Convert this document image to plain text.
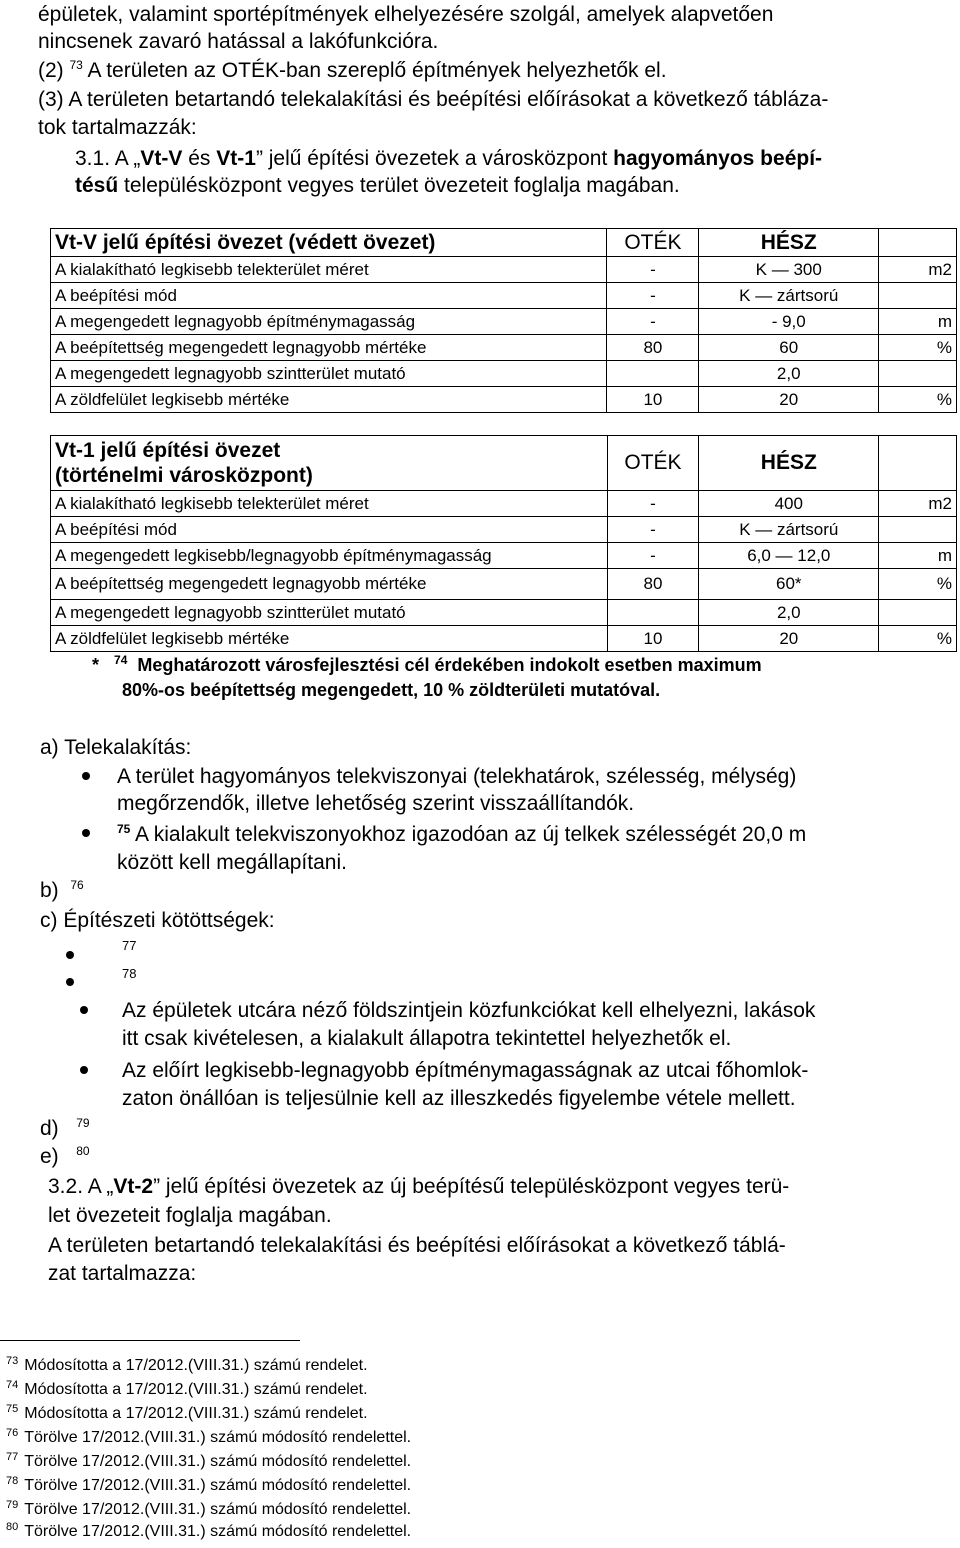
épületek, valamint sportépítmények elhelyezésére szolgál, amelyek alapvetően
nincsenek zavaró hatással a lakófunkcióra.
(2) $^{73}$ A területen az OTÉK-ban szereplő építmények helyezhetők el.
(3) A területen betartandó telekalakítási és beépítési előírásokat a következő tábláza-
tok tartalmazzák:
3.1. A „Vt-V és Vt-1” jelű építési övezetek a városközpont hagyományos beépí-
tésű településközpont vegyes terület övezeteit foglalja magában.
Vt-V jelű építési övezet (védett övezet)	OTÉK	HÉSZ	
A kialakítható legkisebb telekterület méret	-	K — 300	m2
A beépítési mód	-	K — zártsorú	
A megengedett legnagyobb építménymagasság	-	- 9,0	m
A beépítettség megengedett legnagyobb mértéke	80	60	%
A megengedett legnagyobb szintterület mutató		2,0	
A zöldfelület legkisebb mértéke	10	20	%
Vt-1 jelű építési övezet
(történelmi városközpont)	OTÉK	HÉSZ	
A kialakítható legkisebb telekterület méret	-	400	m2
A beépítési mód	-	K — zártsorú	
A megengedett legkisebb/legnagyobb építménymagasság	-	6,0 — 12,0	m
A beépítettség megengedett legnagyobb mértéke	80	60*	%
A megengedett legnagyobb szintterület mutató		2,0	
A zöldfelület legkisebb mértéke	10	20	%
* $^{74}$ Meghatározott városfejlesztési cél érdekében indokolt esetben maximum
80%-os beépítettség megengedett, 10 % zöldterületi mutatóval.
a) Telekalakítás:
A terület hagyományos telekviszonyai (telekhatárok, szélesség, mélység)
megőrzendők, illetve lehetőség szerint visszaállítandók.
$^{75}$ A kialakult telekviszonyokhoz igazodóan az új telkek szélességét 20,0 m
között kell megállapítani.
b) $^{76}$
c) Építészeti kötöttségek:
77
78
Az épületek utcára néző földszintjein közfunkciókat kell elhelyezni, lakások
itt csak kivételesen, a kialakult állapotra tekintettel helyezhetők el.
Az előírt legkisebb-legnagyobb építménymagasságnak az utcai főhomlok-
zaton önállóan is teljesülnie kell az illeszkedés figyelembe vétele mellett.
d) $^{79}$
e) $^{80}$
3.2. A „Vt-2” jelű építési övezetek az új beépítésű településközpont vegyes terü-
let övezeteit foglalja magában.
A területen betartandó telekalakítási és beépítési előírásokat a következő táblá-
zat tartalmazza:
$^{73}$ Módosította a 17/2012.(VIII.31.) számú rendelet.
$^{74}$ Módosította a 17/2012.(VIII.31.) számú rendelet.
$^{75}$ Módosította a 17/2012.(VIII.31.) számú rendelet.
$^{76}$ Törölve 17/2012.(VIII.31.) számú módosító rendelettel.
$^{77}$ Törölve 17/2012.(VIII.31.) számú módosító rendelettel.
$^{78}$ Törölve 17/2012.(VIII.31.) számú módosító rendelettel.
$^{79}$ Törölve 17/2012.(VIII.31.) számú módosító rendelettel.
$^{80}$ Törölve 17/2012.(VIII.31.) számú módosító rendelettel.
